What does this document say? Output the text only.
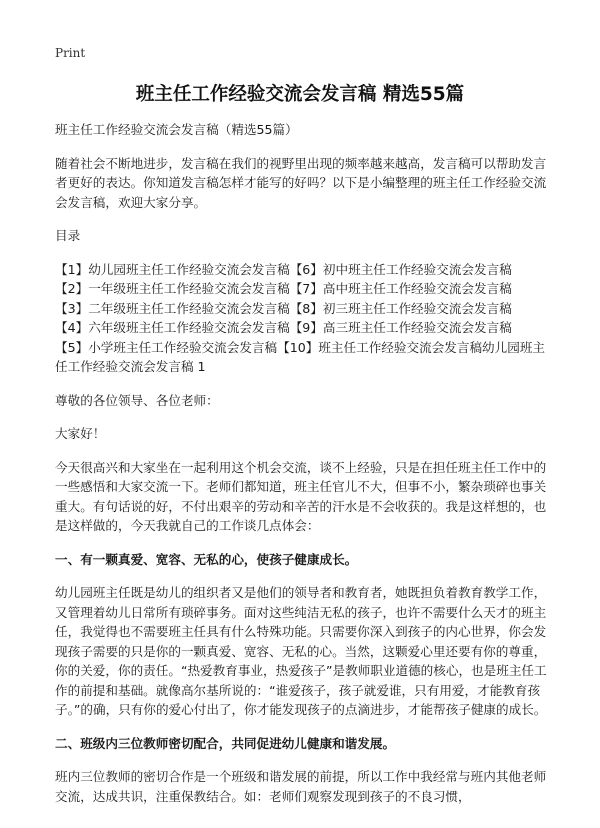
Print
班主任工作经验交流会发言稿 精选55篇

班主任工作经验交流会发言稿（精选55篇）

随着社会不断地进步，发言稿在我们的视野里出现的频率越来越高，发言稿可以帮助发言者更好的表达。你知道发言稿怎样才能写的好吗？以下是小编整理的班主任工作经验交流会发言稿，欢迎大家分享。

目录

【1】幼儿园班主任工作经验交流会发言稿【6】初中班主任工作经验交流会发言稿
【2】一年级班主任工作经验交流会发言稿【7】高中班主任工作经验交流会发言稿
【3】二年级班主任工作经验交流会发言稿【8】初三班主任工作经验交流会发言稿
【4】六年级班主任工作经验交流会发言稿【9】高三班主任工作经验交流会发言稿
【5】小学班主任工作经验交流会发言稿【10】班主任工作经验交流会发言稿幼儿园班主任工作经验交流会发言稿 1

尊敬的各位领导、各位老师：

大家好！

今天很高兴和大家坐在一起利用这个机会交流，谈不上经验，只是在担任班主任工作中的一些感悟和大家交流一下。老师们都知道，班主任官儿不大，但事不小，繁杂琐碎也事关重大。有句话说的好，不付出艰辛的劳动和辛苦的汗水是不会收获的。我是这样想的，也是这样做的，今天我就自己的工作谈几点体会：

一、有一颗真爱、宽容、无私的心，使孩子健康成长。

幼儿园班主任既是幼儿的组织者又是他们的领导者和教育者，她既担负着教育教学工作，又管理着幼儿日常所有琐碎事务。面对这些纯洁无私的孩子，也许不需要什么天才的班主任，我觉得也不需要班主任具有什么特殊功能。只需要你深入到孩子的内心世界，你会发现孩子需要的只是你的一颗真爱、宽容、无私的心。当然，这颗爱心里还要有你的尊重，你的关爱，你的责任。“热爱教育事业，热爱孩子”是教师职业道德的核心，也是班主任工作的前提和基础。就像高尔基所说的：“谁爱孩子，孩子就爱谁，只有用爱，才能教育孩子。”的确，只有你的爱心付出了，你才能发现孩子的点滴进步，才能帮孩子健康的成长。

二、班级内三位教师密切配合，共同促进幼儿健康和谐发展。

班内三位教师的密切合作是一个班级和谐发展的前提，所以工作中我经常与班内其他老师交流，达成共识，注重保教结合。如：老师们观察发现到孩子的不良习惯，
